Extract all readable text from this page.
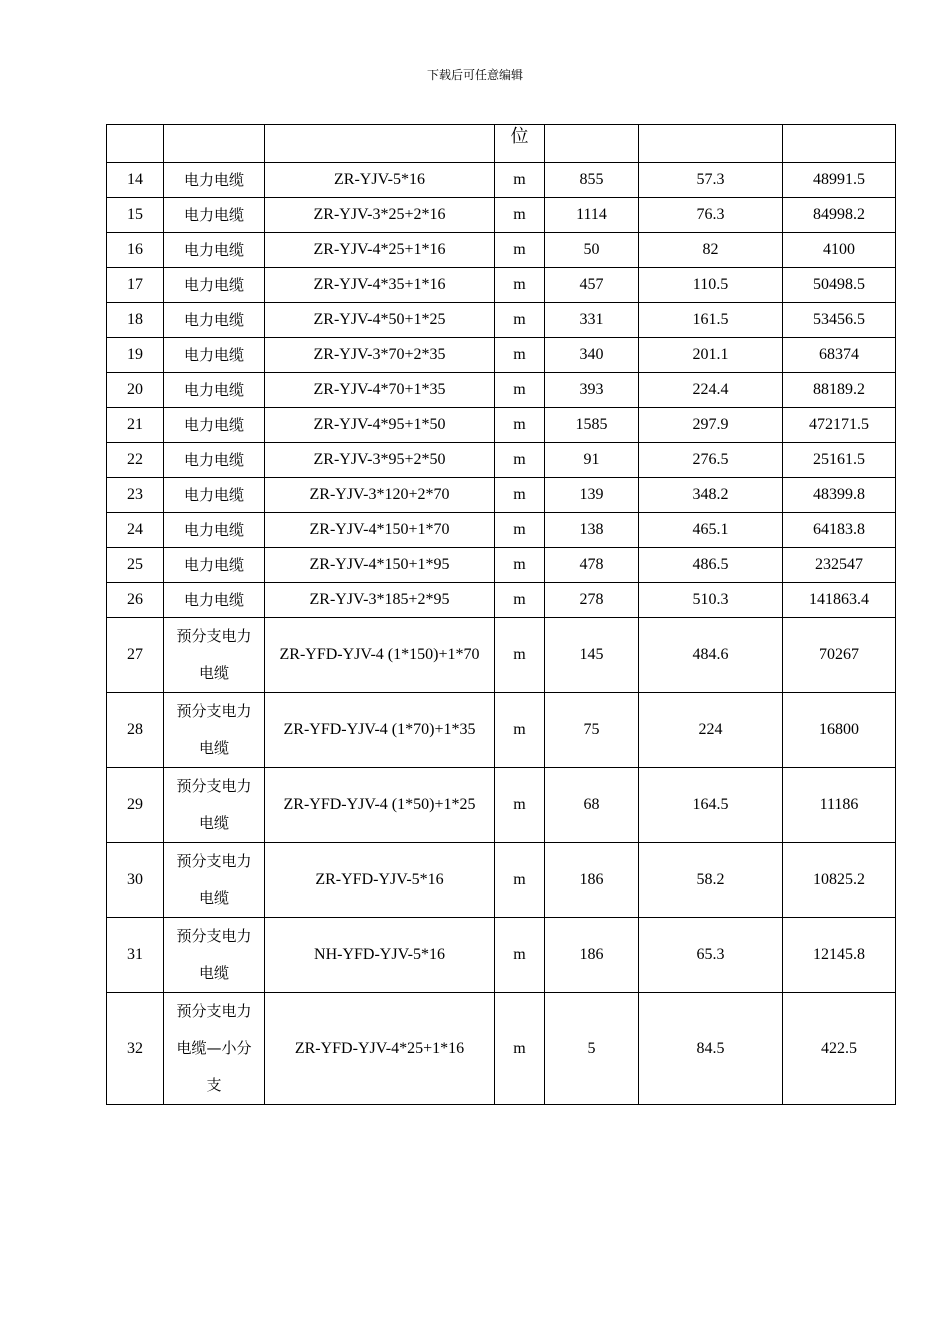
下载后可任意编辑
			位			
14	电力电缆	ZR-YJV-5*16	m	855	57.3	48991.5
15	电力电缆	ZR-YJV-3*25+2*16	m	1114	76.3	84998.2
16	电力电缆	ZR-YJV-4*25+1*16	m	50	82	4100
17	电力电缆	ZR-YJV-4*35+1*16	m	457	110.5	50498.5
18	电力电缆	ZR-YJV-4*50+1*25	m	331	161.5	53456.5
19	电力电缆	ZR-YJV-3*70+2*35	m	340	201.1	68374
20	电力电缆	ZR-YJV-4*70+1*35	m	393	224.4	88189.2
21	电力电缆	ZR-YJV-4*95+1*50	m	1585	297.9	472171.5
22	电力电缆	ZR-YJV-3*95+2*50	m	91	276.5	25161.5
23	电力电缆	ZR-YJV-3*120+2*70	m	139	348.2	48399.8
24	电力电缆	ZR-YJV-4*150+1*70	m	138	465.1	64183.8
25	电力电缆	ZR-YJV-4*150+1*95	m	478	486.5	232547
26	电力电缆	ZR-YJV-3*185+2*95	m	278	510.3	141863.4
27	预分支电力电缆	ZR-YFD-YJV-4 (1*150)+1*70	m	145	484.6	70267
28	预分支电力电缆	ZR-YFD-YJV-4 (1*70)+1*35	m	75	224	16800
29	预分支电力电缆	ZR-YFD-YJV-4 (1*50)+1*25	m	68	164.5	11186
30	预分支电力电缆	ZR-YFD-YJV-5*16	m	186	58.2	10825.2
31	预分支电力电缆	NH-YFD-YJV-5*16	m	186	65.3	12145.8
32	预分支电力电缆—小分支	ZR-YFD-YJV-4*25+1*16	m	5	84.5	422.5
